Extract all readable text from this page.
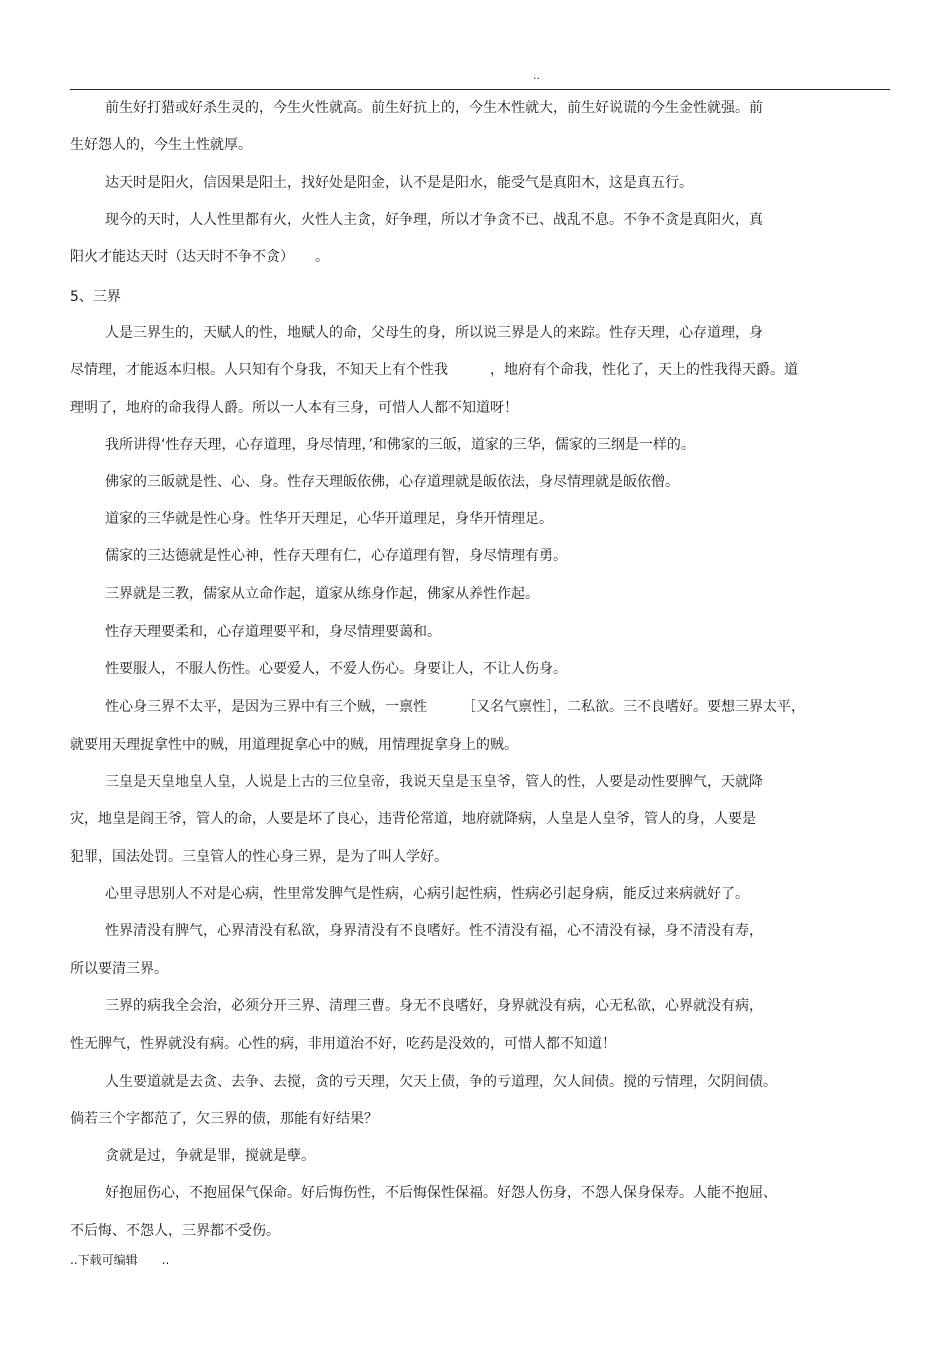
..
前生好打猎或好杀生灵的，今生火性就高。前生好抗上的，今生木性就大，前生好说谎的今生金性就强。前
生好怨人的，今生土性就厚。
达天时是阳火，信因果是阳土，找好处是阳金，认不是是阳水，能受气是真阳木，这是真五行。
现今的天时，人人性里都有火，火性人主贪，好争理，所以才争贪不已、战乱不息。不争不贪是真阳火，真
阳火才能达天时（达天时不争不贪）　　。
5、三界
人是三界生的，天赋人的性，地赋人的命，父母生的身，所以说三界是人的来踪。性存天理，心存道理，身
尽情理，才能返本归根。人只知有个身我，不知天上有个性我　　　，地府有个命我，性化了，天上的性我得天爵。道
理明了，地府的命我得人爵。所以一人本有三身，可惜人人都不知道呀！
我所讲得‘性存天理，心存道理，身尽情理，’和佛家的三皈，道家的三华，儒家的三纲是一样的。
佛家的三皈就是性、心、身。性存天理皈依佛，心存道理就是皈依法，身尽情理就是皈依僧。
道家的三华就是性心身。性华开天理足，心华开道理足，身华开情理足。
儒家的三达德就是性心神，性存天理有仁，心存道理有智，身尽情理有勇。
三界就是三教，儒家从立命作起，道家从练身作起，佛家从养性作起。
性存天理要柔和，心存道理要平和，身尽情理要蔼和。
性要服人，不服人伤性。心要爱人，不爱人伤心。身要让人，不让人伤身。
性心身三界不太平，是因为三界中有三个贼，一禀性　　　［又名气禀性］，二私欲。三不良嗜好。要想三界太平，
就要用天理捉拿性中的贼，用道理捉拿心中的贼，用情理捉拿身上的贼。
三皇是天皇地皇人皇，人说是上古的三位皇帝，我说天皇是玉皇爷，管人的性，人要是动性要脾气，天就降
灾，地皇是阎王爷，管人的命，人要是坏了良心，违背伦常道，地府就降病，人皇是人皇爷，管人的身，人要是
犯罪，国法处罚。三皇管人的性心身三界，是为了叫人学好。
心里寻思别人不对是心病，性里常发脾气是性病，心病引起性病，性病必引起身病，能反过来病就好了。
性界清没有脾气，心界清没有私欲，身界清没有不良嗜好。性不清没有福，心不清没有禄，身不清没有寿，
所以要清三界。
三界的病我全会治，必须分开三界、清理三曹。身无不良嗜好，身界就没有病，心无私欲，心界就没有病，
性无脾气，性界就没有病。心性的病，非用道治不好，吃药是没效的，可惜人都不知道！
人生要道就是去贪、去争、去搅，贪的亏天理，欠天上债，争的亏道理，欠人间债。搅的亏情理，欠阴间债。
倘若三个字都范了，欠三界的债，那能有好结果？
贪就是过，争就是罪，搅就是孽。
好抱屈伤心，不抱屈保气保命。好后悔伤性，不后悔保性保福。好怨人伤身，不怨人保身保寿。人能不抱屈、
不后悔、不怨人，三界都不受伤。
..下载可编辑　　..
